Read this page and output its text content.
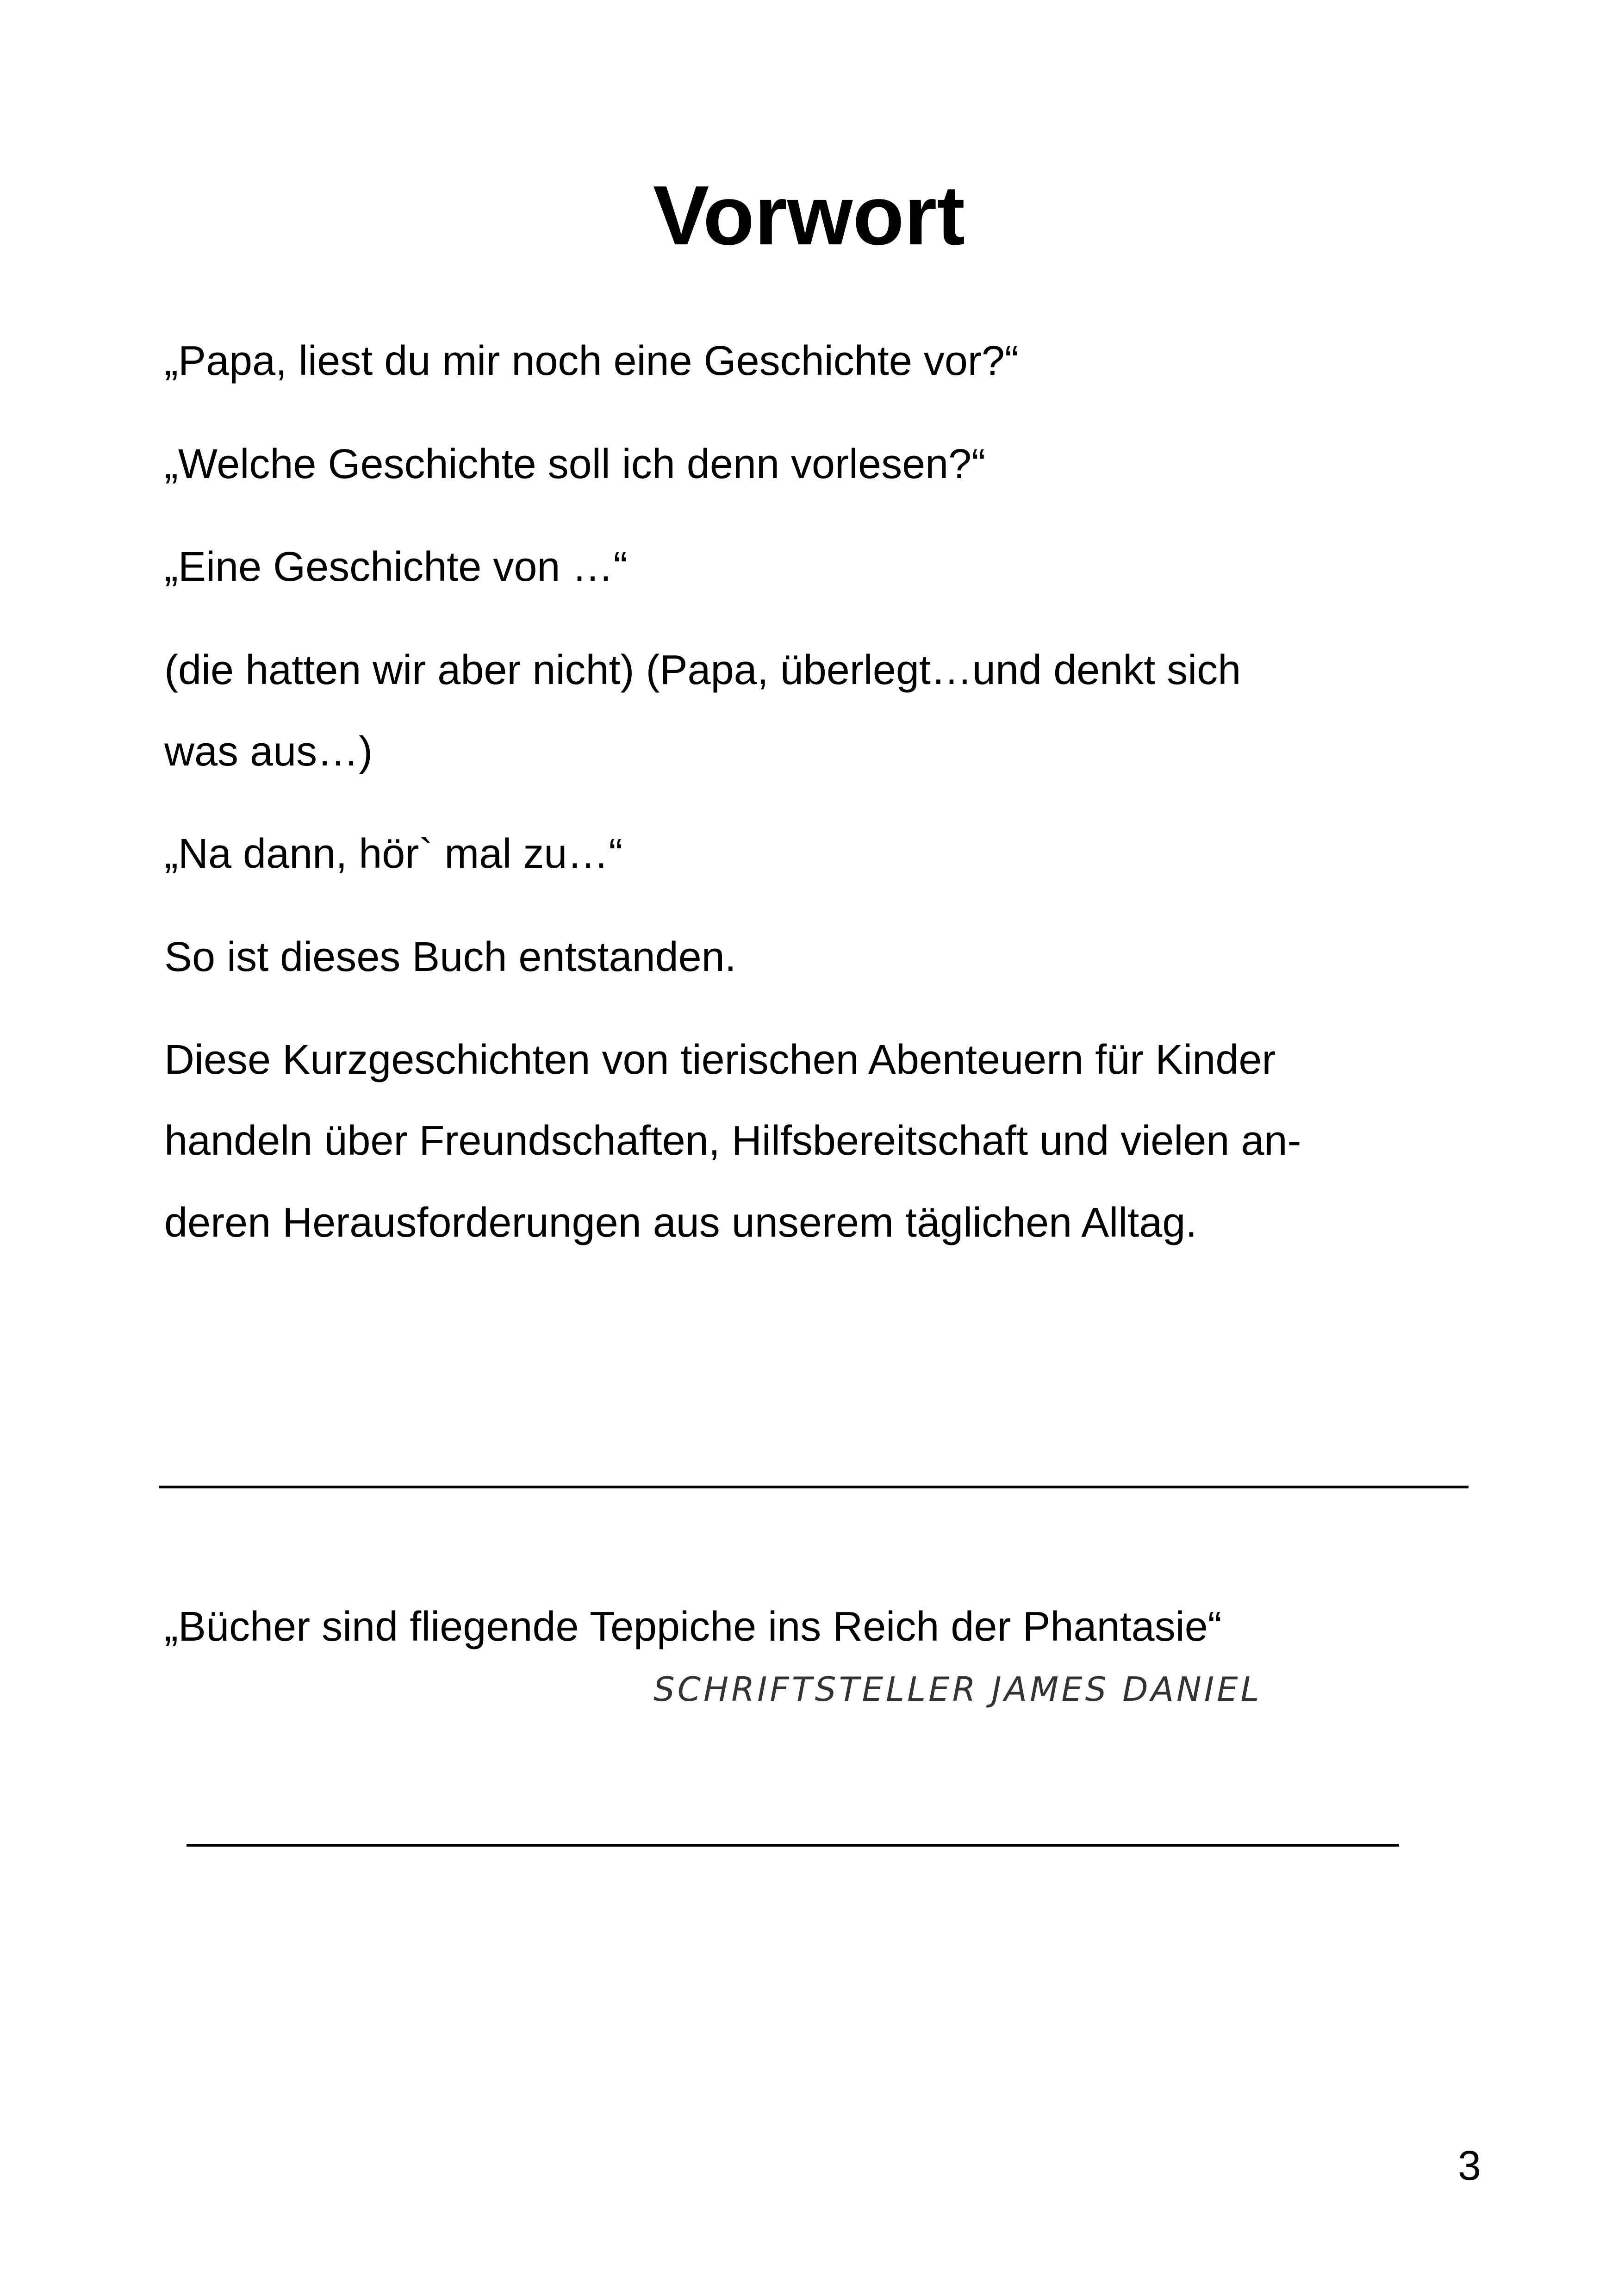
Vorwort

„Papa, liest du mir noch eine Geschichte vor?“

„Welche Geschichte soll ich denn vorlesen?“

„Eine Geschichte von …“

(die hatten wir aber nicht) (Papa, überlegt…und denkt sich

was aus…)

„Na dann, hör` mal zu…“

So ist dieses Buch entstanden.

Diese Kurzgeschichten von tierischen Abenteuern für Kinder

handeln über Freundschaften, Hilfsbereitschaft und vielen an-

deren Herausforderungen aus unserem täglichen Alltag.

„Bücher sind fliegende Teppiche ins Reich der Phantasie“

SCHRIFTSTELLER JAMES DANIEL

3
